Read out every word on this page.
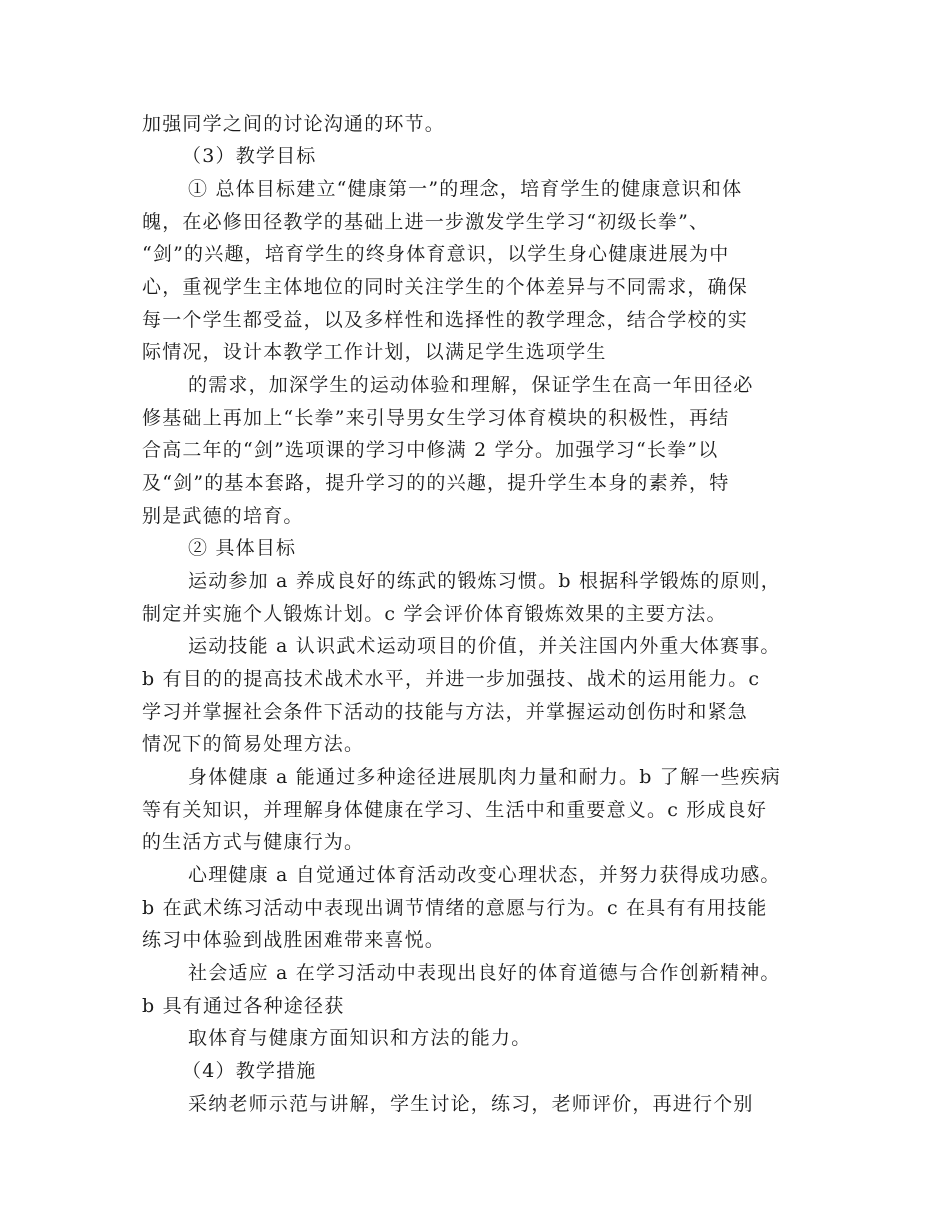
加强同学之间的讨论沟通的环节。
（3）教学目标
① 总体目标建立“健康第一”的理念，培育学生的健康意识和体
魄，在必修田径教学的基础上进一步激发学生学习“初级长拳”、
“剑”的兴趣，培育学生的终身体育意识，以学生身心健康进展为中
心，重视学生主体地位的同时关注学生的个体差异与不同需求，确保
每一个学生都受益，以及多样性和选择性的教学理念，结合学校的实
际情况，设计本教学工作计划，以满足学生选项学生
的需求，加深学生的运动体验和理解，保证学生在高一年田径必
修基础上再加上“长拳”来引导男女生学习体育模块的积极性，再结
合高二年的“剑”选项课的学习中修满 2 学分。加强学习“长拳”以
及“剑”的基本套路，提升学习的的兴趣，提升学生本身的素养，特
别是武德的培育。
② 具体目标
运动参加 a 养成良好的练武的锻炼习惯。b 根据科学锻炼的原则，
制定并实施个人锻炼计划。c 学会评价体育锻炼效果的主要方法。
运动技能 a 认识武术运动项目的价值，并关注国内外重大体赛事。
b 有目的的提高技术战术水平，并进一步加强技、战术的运用能力。c
学习并掌握社会条件下活动的技能与方法，并掌握运动创伤时和紧急
情况下的简易处理方法。
身体健康 a 能通过多种途径进展肌肉力量和耐力。b 了解一些疾病
等有关知识，并理解身体健康在学习、生活中和重要意义。c 形成良好
的生活方式与健康行为。
心理健康 a 自觉通过体育活动改变心理状态，并努力获得成功感。
b 在武术练习活动中表现出调节情绪的意愿与行为。c 在具有有用技能
练习中体验到战胜困难带来喜悦。
社会适应 a 在学习活动中表现出良好的体育道德与合作创新精神。
b 具有通过各种途径获
取体育与健康方面知识和方法的能力。
（4）教学措施
采纳老师示范与讲解，学生讨论，练习，老师评价，再进行个别
